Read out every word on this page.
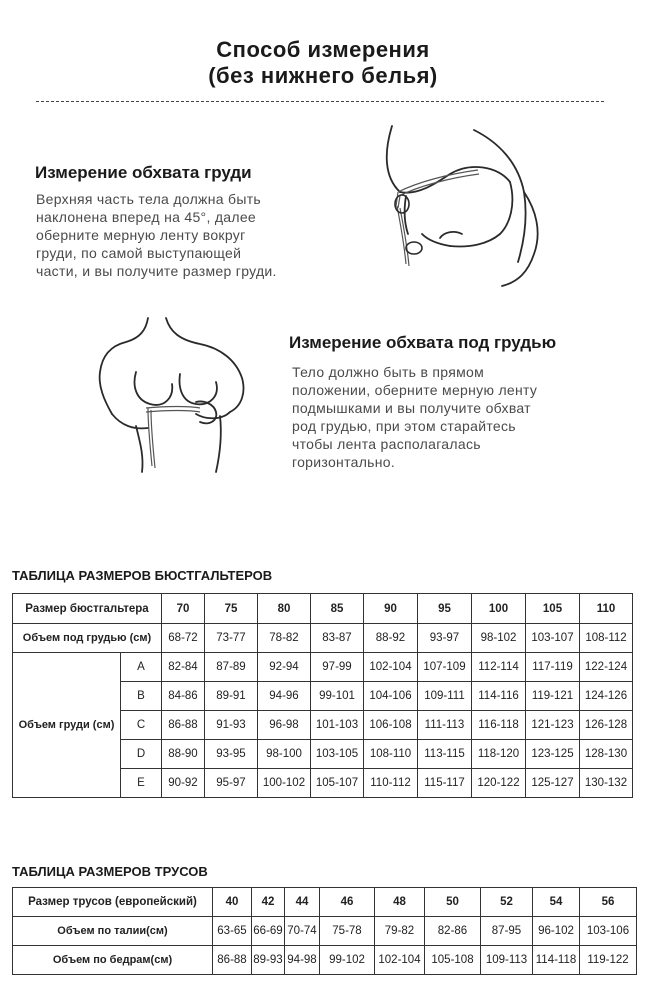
Способ измерения
(без нижнего белья)
Измерение обхвата груди
Верхняя часть тела должна быть
наклонена вперед на 45°, далее
оберните мерную ленту вокруг
груди, по самой выступающей
части, и вы получите размер груди.
Измерение обхвата под грудью
Тело должно быть в прямом
положении, оберните мерную ленту
подмышками и вы получите обхват
род грудью, при этом старайтесь
чтобы лента располагалась
горизонтально.
ТАБЛИЦА РАЗМЕРОВ БЮСТГАЛЬТЕРОВ
Размер бюстгальтера		70	75	80	85	90	95	100	105	110
Объем под грудью (см)		68-72	73-77	78-82	83-87	88-92	93-97	98-102	103-107	108-112
Объем груди (см)	A	82-84	87-89	92-94	97-99	102-104	107-109	112-114	117-119	122-124
	B	84-86	89-91	94-96	99-101	104-106	109-111	114-116	119-121	124-126
	C	86-88	91-93	96-98	101-103	106-108	111-113	116-118	121-123	126-128
	D	88-90	93-95	98-100	103-105	108-110	113-115	118-120	123-125	128-130
	E	90-92	95-97	100-102	105-107	110-112	115-117	120-122	125-127	130-132
ТАБЛИЦА РАЗМЕРОВ ТРУСОВ
Размер трусов (европейский)	40	42	44	46	48	50	52	54	56
Объем по талии(см)	63-65	66-69	70-74	75-78	79-82	82-86	87-95	96-102	103-106
Объем по бедрам(см)	86-88	89-93	94-98	99-102	102-104	105-108	109-113	114-118	119-122
